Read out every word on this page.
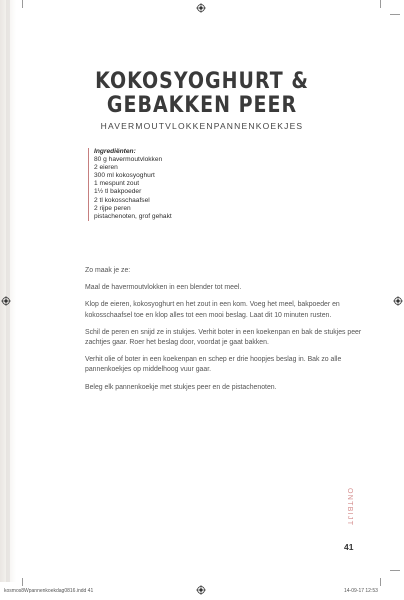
KOKOSYOGHURT &
GEBAKKEN PEER
HAVERMOUTVLOKKENPANNENKOEKJES
Ingrediënten:
80 g havermoutvlokken
2 eieren
300 ml kokosyoghurt
1 mespunt zout
1½ tl bakpoeder
2 tl kokosschaafsel
2 rijpe peren
pistachenoten, grof gehakt

Zo maak je ze:

Maal de havermoutvlokken in een blender tot meel.

Klop de eieren, kokosyoghurt en het zout in een kom. Voeg het meel, bakpoeder en kokosschaafsel toe en klop alles tot een mooi beslag. Laat dit 10 minuten rusten.

Schil de peren en snijd ze in stukjes. Verhit boter in een koekenpan en bak de stukjes peer zachtjes gaar. Roer het beslag door, voordat je gaat bakken.

Verhit olie of boter in een koekenpan en schep er drie hoopjes beslag in. Bak zo alle pannenkoekjes op middelhoog vuur gaar.

Beleg elk pannenkoekje met stukjes peer en de pistachenoten.

ONTBIJT
41
kosmos8Wpannenkoekdag0816.indd 41	14-09-17 12:53
